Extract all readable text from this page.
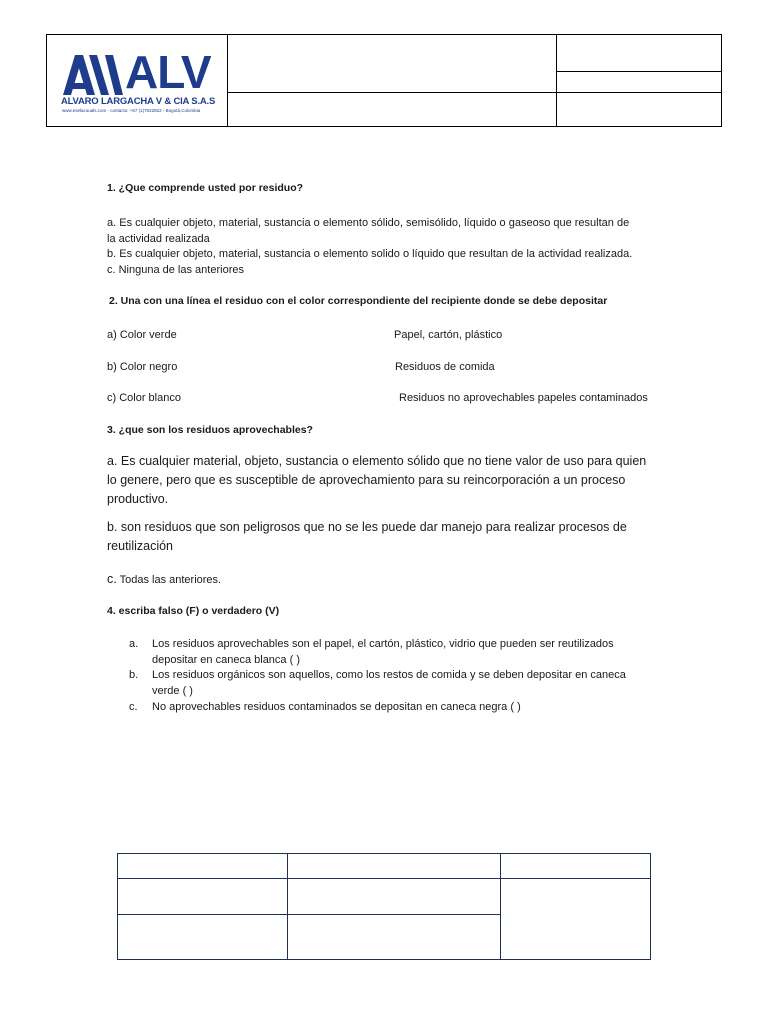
ALV
ALVARO LARGACHA V & CIA S.A.S
www.eselacouals.com - contacto: +57 (1)7022822 - Bogotá,Colombia
1. ¿Que comprende usted por residuo?
a. Es cualquier objeto, material, sustancia o elemento sólido, semisólido, líquido o gaseoso que resultan de
la actividad realizada
b. Es cualquier objeto, material, sustancia o elemento solido o líquido que resultan de la actividad realizada.
c. Ninguna de las anteriores
2. Una con una línea el residuo con el color correspondiente del recipiente donde se debe depositar
a) Color verde	Papel, cartón, plástico
b) Color negro	Residuos de comida
c) Color blanco	Residuos no aprovechables papeles contaminados
3. ¿que son los residuos aprovechables?
a. Es cualquier material, objeto, sustancia o elemento sólido que no tiene valor de uso para quien
lo genere, pero que es susceptible de aprovechamiento para su reincorporación a un proceso
productivo.
b. son residuos que son peligrosos que no se les puede dar manejo para realizar procesos de
reutilización
c. Todas las anteriores.
4. escriba falso (F) o verdadero (V)
a. Los residuos aprovechables son el papel, el cartón, plástico, vidrio que pueden ser reutilizados
depositar en caneca blanca ( )
b. Los residuos orgánicos son aquellos, como los restos de comida y se deben depositar en caneca
verde ( )
c. No aprovechables residuos contaminados se depositan en caneca negra ( )
